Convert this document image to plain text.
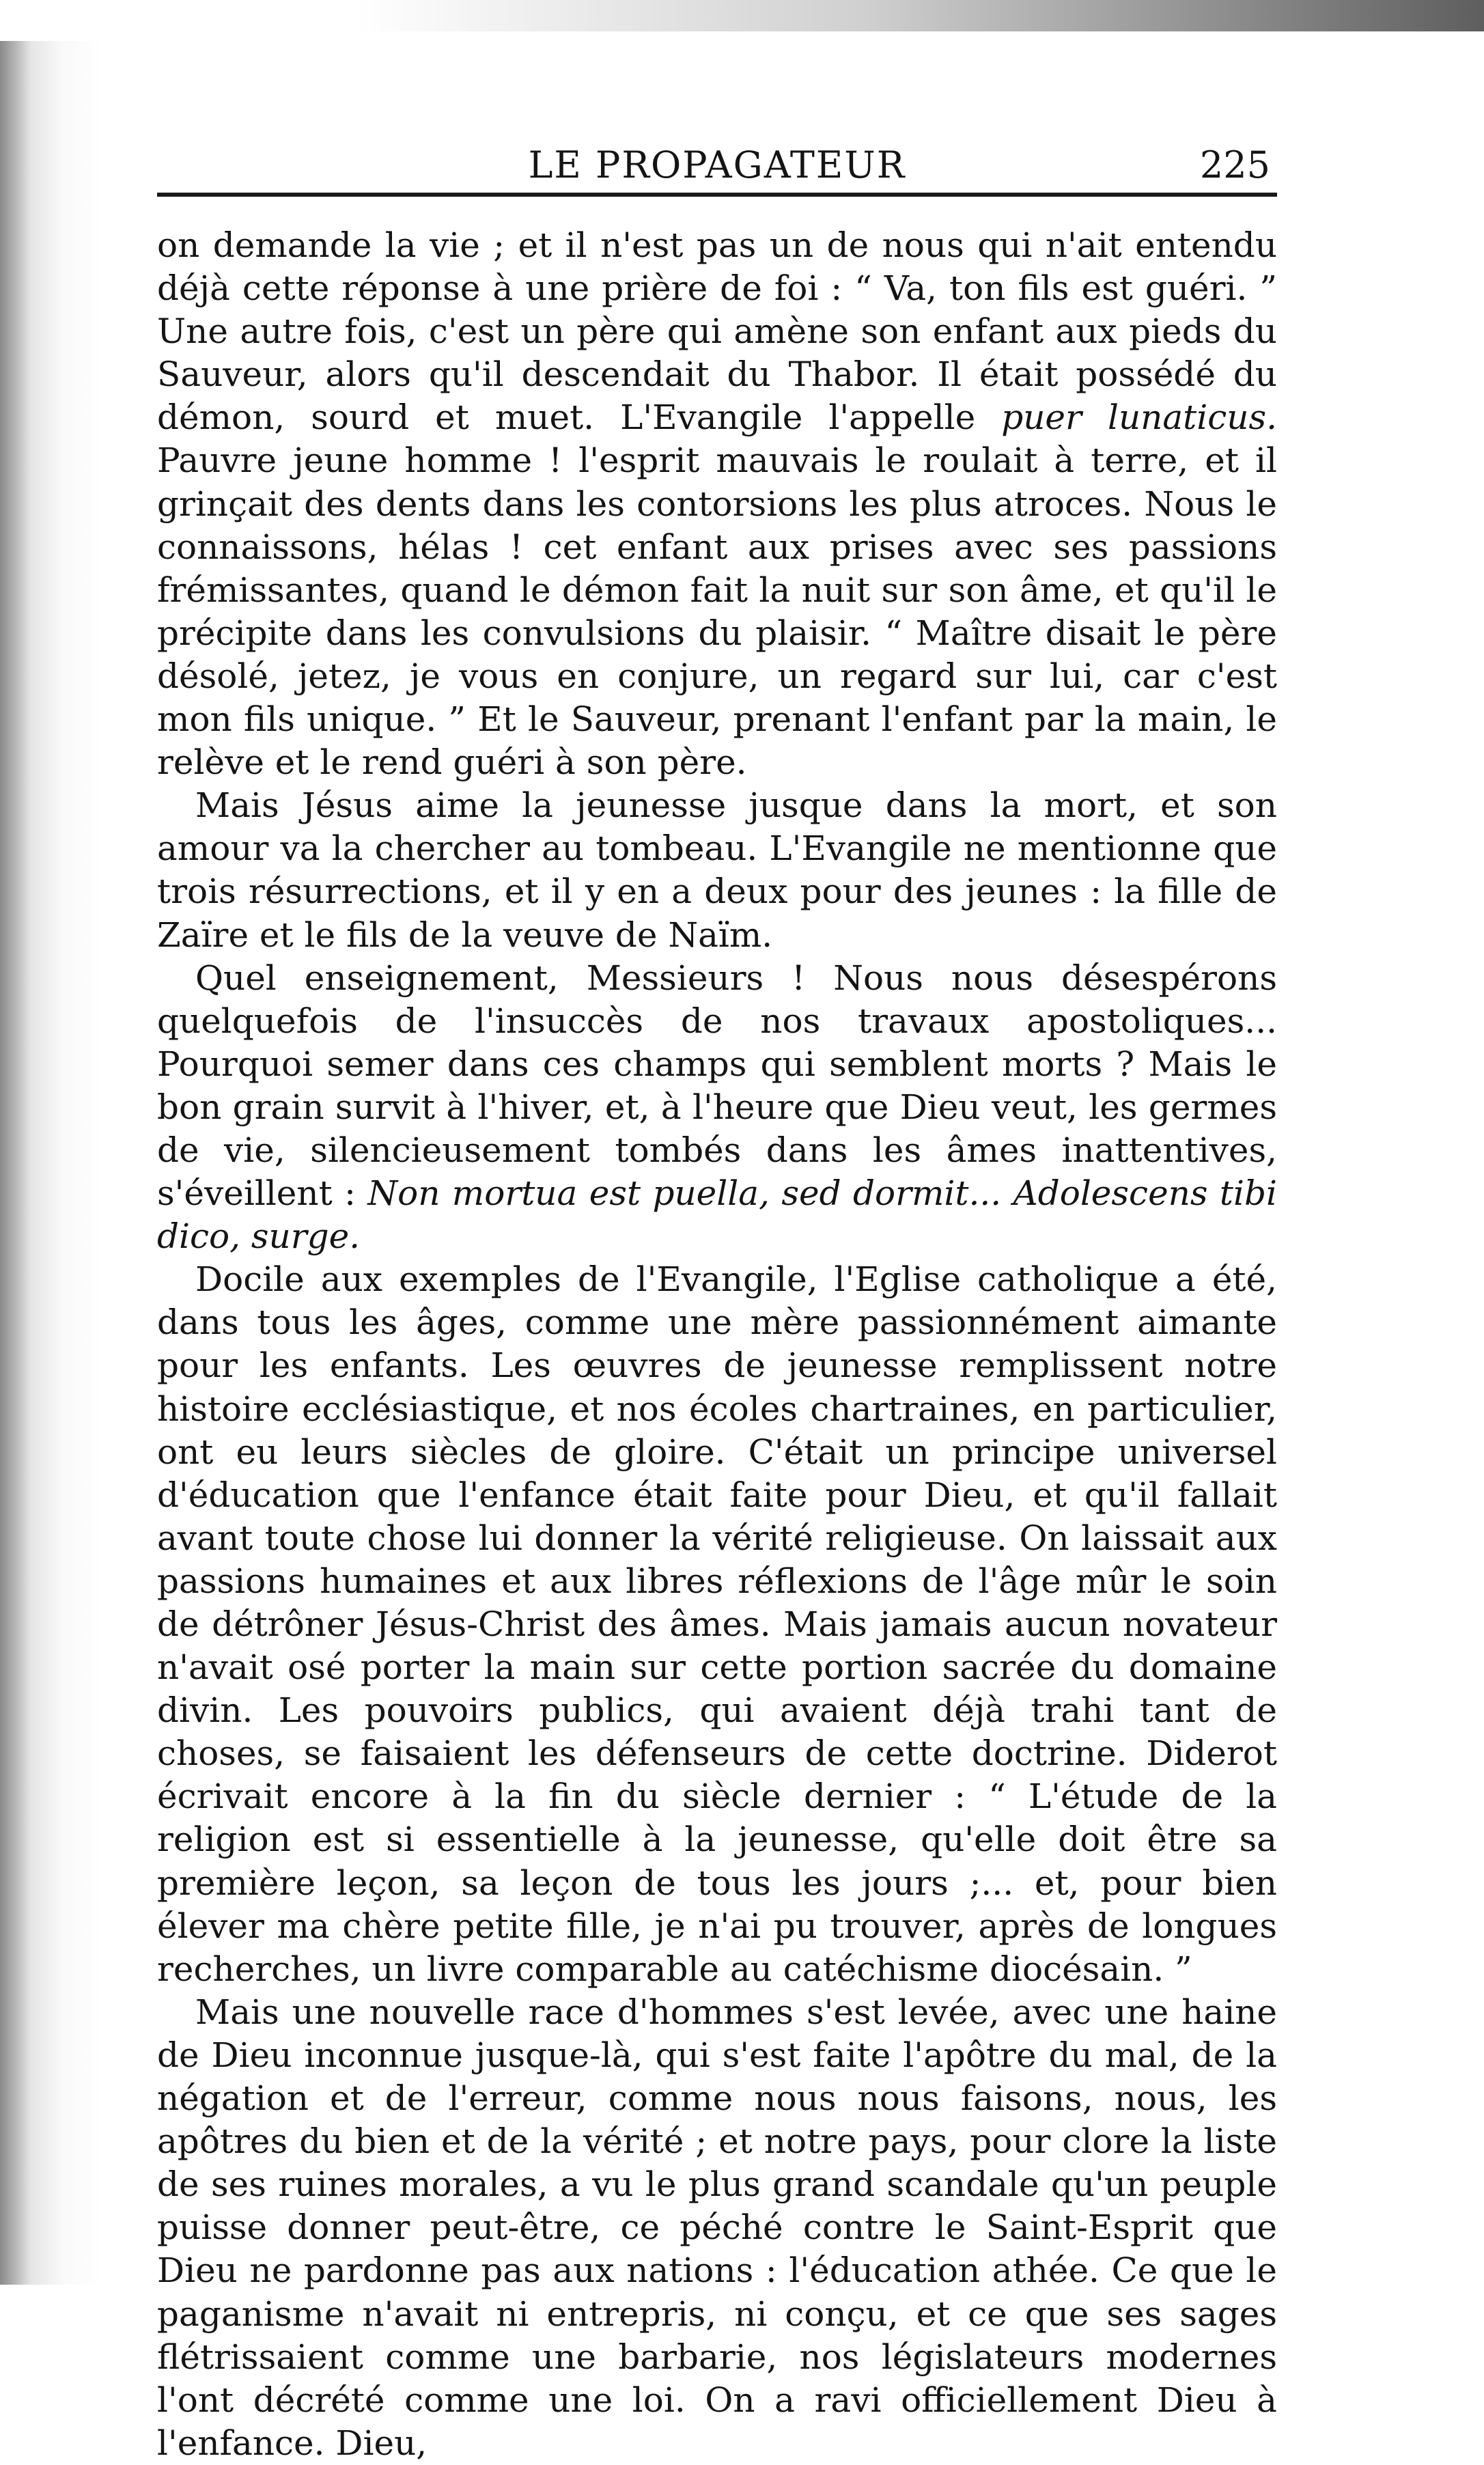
LE PROPAGATEUR	225

on demande la vie ; et il n'est pas un de nous qui n'ait entendu déjà cette réponse à une prière de foi : “ Va, ton fils est guéri. ” Une autre fois, c'est un père qui amène son enfant aux pieds du Sauveur, alors qu'il descendait du Thabor. Il était possédé du démon, sourd et muet. L'Evangile l'appelle puer lunaticus. Pauvre jeune homme ! l'esprit mauvais le roulait à terre, et il grinçait des dents dans les contorsions les plus atroces. Nous le connaissons, hélas ! cet enfant aux prises avec ses passions frémissantes, quand le démon fait la nuit sur son âme, et qu'il le précipite dans les convulsions du plaisir. “ Maître disait le père désolé, jetez, je vous en conjure, un regard sur lui, car c'est mon fils unique. ” Et le Sauveur, prenant l'enfant par la main, le relève et le rend guéri à son père.

Mais Jésus aime la jeunesse jusque dans la mort, et son amour va la chercher au tombeau. L'Evangile ne mentionne que trois résurrections, et il y en a deux pour des jeunes : la fille de Zaïre et le fils de la veuve de Naïm.

Quel enseignement, Messieurs ! Nous nous désespérons quelquefois de l'insuccès de nos travaux apostoliques... Pourquoi semer dans ces champs qui semblent morts ? Mais le bon grain survit à l'hiver, et, à l'heure que Dieu veut, les germes de vie, silencieusement tombés dans les âmes inattentives, s'éveillent : Non mortua est puella, sed dormit... Adolescens tibi dico, surge.

Docile aux exemples de l'Evangile, l'Eglise catholique a été, dans tous les âges, comme une mère passionnément aimante pour les enfants. Les œuvres de jeunesse remplissent notre histoire ecclésiastique, et nos écoles chartraines, en particulier, ont eu leurs siècles de gloire. C'était un principe universel d'éducation que l'enfance était faite pour Dieu, et qu'il fallait avant toute chose lui donner la vérité religieuse. On laissait aux passions humaines et aux libres réflexions de l'âge mûr le soin de détrôner Jésus-Christ des âmes. Mais jamais aucun novateur n'avait osé porter la main sur cette portion sacrée du domaine divin. Les pouvoirs publics, qui avaient déjà trahi tant de choses, se faisaient les défenseurs de cette doctrine. Diderot écrivait encore à la fin du siècle dernier : “ L'étude de la religion est si essentielle à la jeunesse, qu'elle doit être sa première leçon, sa leçon de tous les jours ;... et, pour bien élever ma chère petite fille, je n'ai pu trouver, après de longues recherches, un livre comparable au catéchisme diocésain. ”

Mais une nouvelle race d'hommes s'est levée, avec une haine de Dieu inconnue jusque-là, qui s'est faite l'apôtre du mal, de la négation et de l'erreur, comme nous nous faisons, nous, les apôtres du bien et de la vérité ; et notre pays, pour clore la liste de ses ruines morales, a vu le plus grand scandale qu'un peuple puisse donner peut-être, ce péché contre le Saint-Esprit que Dieu ne pardonne pas aux nations : l'éducation athée. Ce que le paganisme n'avait ni entrepris, ni conçu, et ce que ses sages flétrissaient comme une barbarie, nos législateurs modernes l'ont décrété comme une loi. On a ravi officiellement Dieu à l'enfance. Dieu,
